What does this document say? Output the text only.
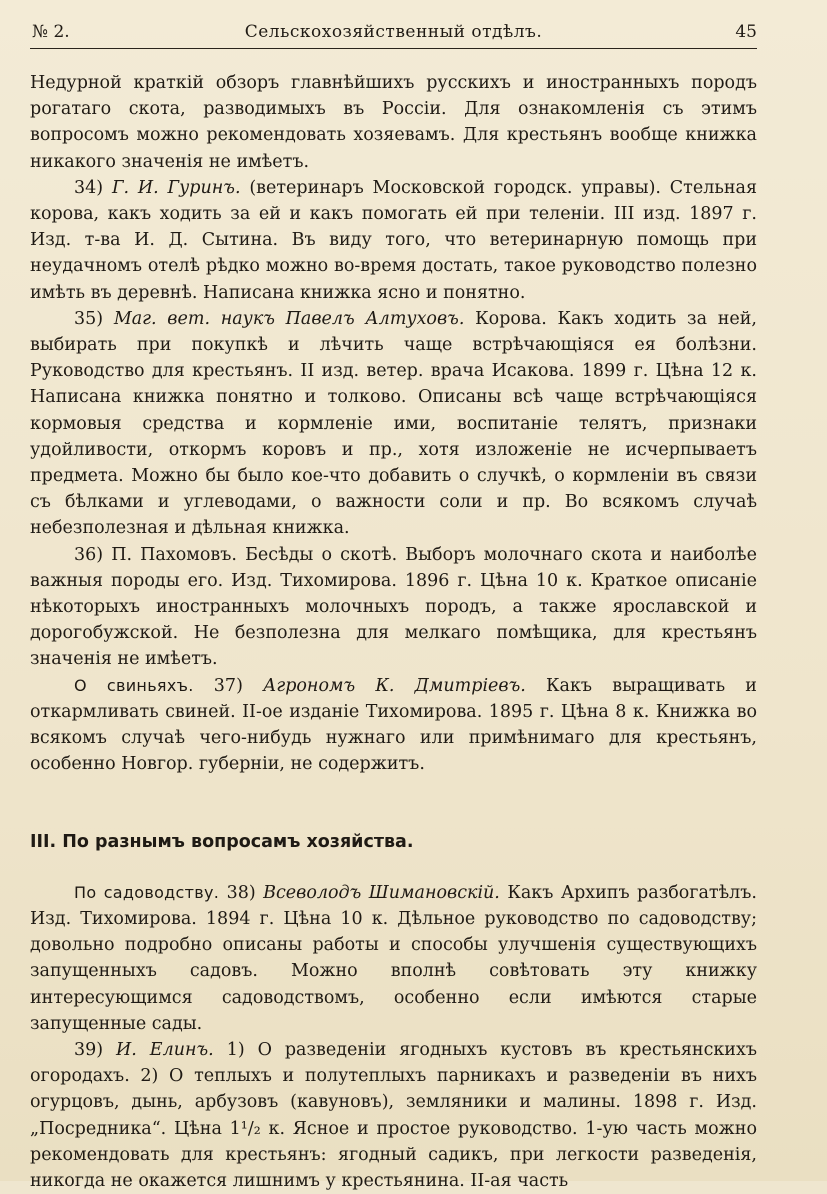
№ 2.	Сельскохозяйственный отдѣлъ.	45

Недурной краткій обзоръ главнѣйшихъ русскихъ и иностранныхъ породъ рогатаго скота, разводимыхъ въ Россіи. Для ознакомленія съ этимъ вопросомъ можно рекомендовать хозяевамъ. Для крестьянъ вообще книжка никакого значенія не имѣетъ.

34) Г. И. Гуринъ. (ветеринаръ Московской городск. управы). Стельная корова, какъ ходить за ей и какъ помогать ей при теленіи. III изд. 1897 г. Изд. т-ва И. Д. Сытина. Въ виду того, что ветеринарную помощь при неудачномъ отелѣ рѣдко можно во-время достать, такое руководство полезно имѣть въ деревнѣ. Написана книжка ясно и понятно.

35) Маг. вет. наукъ Павелъ Алтуховъ. Корова. Какъ ходить за ней, выбирать при покупкѣ и лѣчить чаще встрѣчающіяся ея болѣзни. Руководство для крестьянъ. II изд. ветер. врача Исакова. 1899 г. Цѣна 12 к. Написана книжка понятно и толково. Описаны всѣ чаще встрѣчающіяся кормовыя средства и кормленіе ими, воспитаніе телятъ, признаки удойливости, откормъ коровъ и пр., хотя изложеніе не исчерпываетъ предмета. Можно бы было кое-что добавить о случкѣ, о кормленіи въ связи съ бѣлками и углеводами, о важности соли и пр. Во всякомъ случаѣ небезполезная и дѣльная книжка.

36) П. Пахомовъ. Бесѣды о скотѣ. Выборъ молочнаго скота и наиболѣе важныя породы его. Изд. Тихомирова. 1896 г. Цѣна 10 к. Краткое описаніе нѣкоторыхъ иностранныхъ молочныхъ породъ, а также ярославской и дорогобужской. Не безполезна для мелкаго помѣщика, для крестьянъ значенія не имѣетъ.

О свиньяхъ. 37) Агрономъ К. Дмитріевъ. Какъ выращивать и откармливать свиней. II-ое изданіе Тихомирова. 1895 г. Цѣна 8 к. Книжка во всякомъ случаѣ чего-нибудь нужнаго или примѣнимаго для крестьянъ, особенно Новгор. губерніи, не содержитъ.

III. По разнымъ вопросамъ хозяйства.

По садоводству. 38) Всеволодъ Шимановскій. Какъ Архипъ разбогатѣлъ. Изд. Тихомирова. 1894 г. Цѣна 10 к. Дѣльное руководство по садоводству; довольно подробно описаны работы и способы улучшенія существующихъ запущенныхъ садовъ. Можно вполнѣ совѣтовать эту книжку интересующимся садоводствомъ, особенно если имѣются старые запущенные сады.

39) И. Елинъ. 1) О разведеніи ягодныхъ кустовъ въ крестьянскихъ огородахъ. 2) О теплыхъ и полутеплыхъ парникахъ и разведеніи въ нихъ огурцовъ, дынь, арбузовъ (кавуновъ), земляники и малины. 1898 г. Изд. „Посредника“. Цѣна 1¹/₂ к. Ясное и простое руководство. 1-ую часть можно рекомендовать для крестьянъ: ягодный садикъ, при легкости разведенія, никогда не окажется лишнимъ у крестьянина. II-ая часть
